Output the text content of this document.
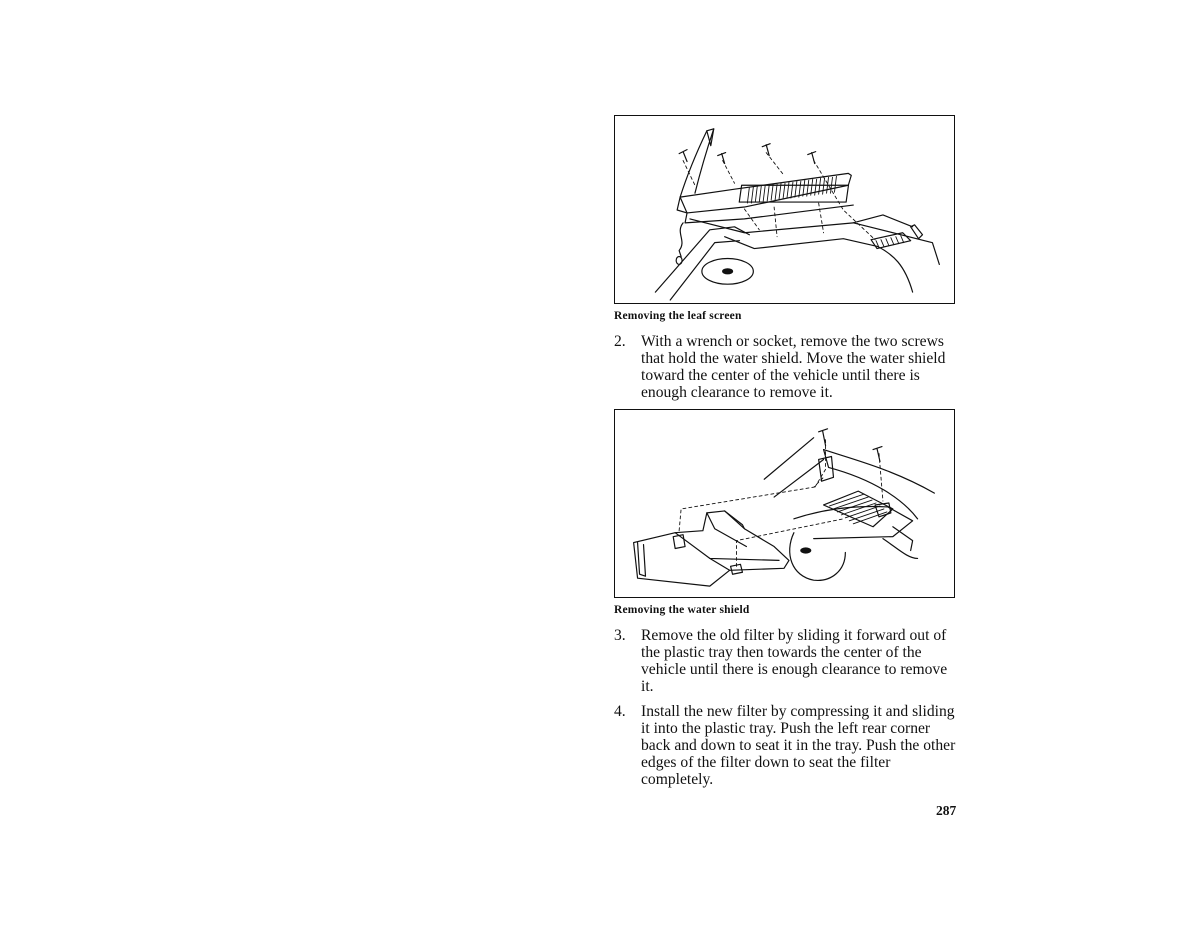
Removing the leaf screen
2. With a wrench or socket, remove the two screws that hold the water shield. Move the water shield toward the center of the vehicle until there is enough clearance to remove it.
Removing the water shield
3. Remove the old filter by sliding it forward out of the plastic tray then towards the center of the vehicle until there is enough clearance to remove it.
4. Install the new filter by compressing it and sliding it into the plastic tray. Push the left rear corner back and down to seat it in the tray. Push the other edges of the filter down to seat the filter completely.
287
